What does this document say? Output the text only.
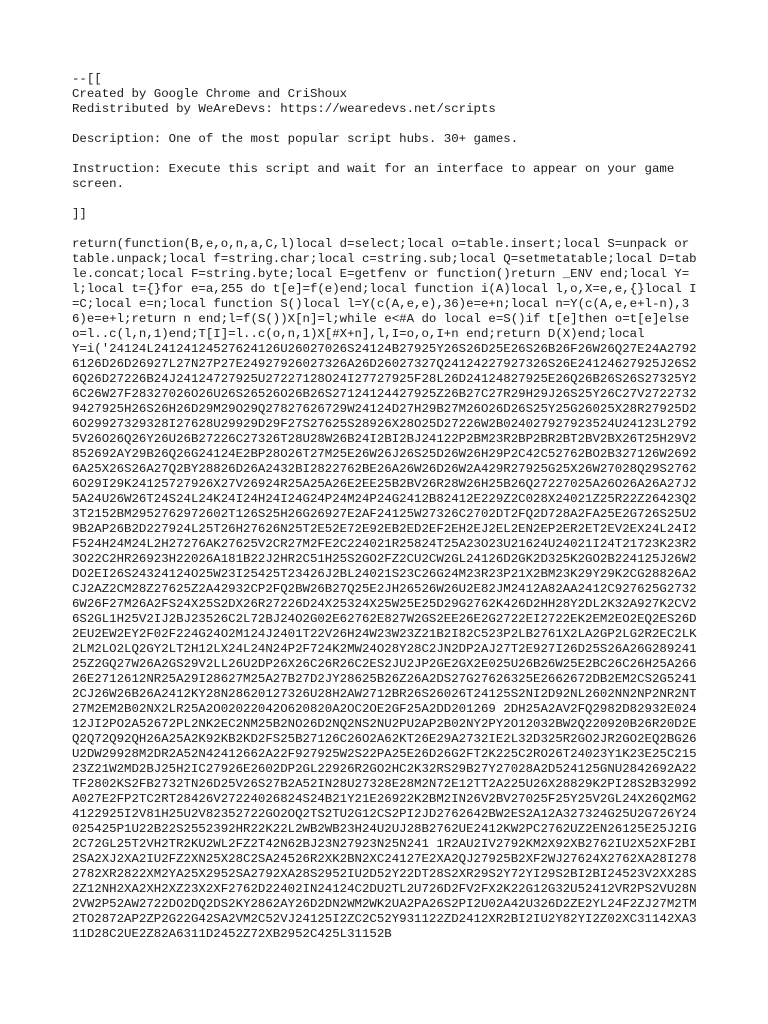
--[[

Created by Google Chrome and CriShoux

Redistributed by WeAreDevs: https://wearedevs.net/scripts

Description: One of the most popular script hubs. 30+ games.

Instruction: Execute this script and wait for an interface to appear on your game screen.

]]

return(function(B,e,o,n,a,C,l)local d=select;local o=table.insert;local S=unpack or table.unpack;local f=string.char;local c=string.sub;local Q=setmetatable;local D=table.concat;local F=string.byte;local E=getfenv or function()return _ENV end;local Y=l;local t={}for e=a,255 do t[e]=f(e)end;local function i(A)local l,o,X=e,e,{}local I=C;local e=n;local function S()local l=Y(c(A,e,e),36)e=e+n;local n=Y(c(A,e,e+l-n),36)e=e+l;return n end;l=f(S())X[n]=l;while e<#A do local e=S()if t[e]then o=t[e]else o=l..c(l,n,1)end;T[I]=l..c(o,n,1)X[#X+n],l,I=o,o,I+n end;return D(X)end;local

Y=i('24124L24124124527624126U26027026S24124B27925Y26S26D25E26S26B26F26W26Q27E24A27926126D26D26927L27N27P27E24927926027326A26D26027327Q24124227927326S26E24124627925J26S26Q26D27226B24J24124727925U27227128O24I27727925F28L26D24124827925E26Q26B26S26S27325Y26C26W27F28327026O26U26S26526O26B26S27124124427925Z26B27C27R29H29J26S25Y26C27V27227329427925H26S26H26D29M29O29Q27827626729W24124D27H29B27M26O26D26S25Y25G26025X28R27925D26O29927329328I27628U29929D29F27S27625S28926X28O25D27226W2B024027927923524U24123L27925V26O26Q26Y26U26B27226C27326T28U28W26B24I2BI2BJ24122P2BM23R2BP2BR2BT2BV2BX26T25H29V2852692AY29B26Q26G24124E2BP28O26T27M25E26W26J26S25D26W26H29P2C42C52762BO2B327126W26926A25X26S26A27Q2BY28826D26A2432BI2822762BE26A26W26D26W2A429R27925G25X26W27028Q29S27626O29I29K24125727926X27V26924R25A25A26E2EE25B2BV26R28W26H25B26Q27227025A26O26A26A27J25A24U26W26T24S24L24K24I24H24I24G24P24M24P24G2412B82412E229Z2C028X24021Z25R22Z26423Q23T2152BM2952762972602T126S25H26G26927E2AF24125W27326C2702DT2FQ2D728A2FA25E2G726S25U29B2AP26B2D227924L25T26H27626N25T2E52E72E92EB2ED2EF2EH2EJ2EL2EN2EP2ER2ET2EV2EX24L24I2F524H24M24L2H27276AK27625V2CR27M2FE2C224021R25824T25A23O23U21624U24021I24T21723K23R23O22C2HR26923H22026A181B22J2HR2C51H25S2GO2FZ2CU2CW2GL24126D2GK2D325K2GO2B224125J26W2DO2EI26S24324124O25W23I25425T23426J2BL24021S23C26G24M23R23P21X2BM23K29Y29K2CG28826A2CJ2AZ2CM28Z27625Z2A42932CP2FQ2BW26B27Q25E2JH26526W26U2E82JM2412A82AA2412C927625G27326W26F27M26A2FS24X25S2DX26R27226D24X25324X25W25E25D29G2762K426D2HH28Y2DL2K32A927K2CV26S2GL1H25V2IJ2BJ23526C2L72BJ24O2G02E62762E827W2GS2EE26E2G2722EI2722EK2EM2EO2EQ2ES26D2EU2EW2EY2F02F224G24O2M124J2401T22V26H24W23W23Z21B2I82C523P2LB2761X2LA2GP2LG2R2EC2LK2LM2LO2LQ2GY2LT2H12LX24L24N24P2F724K2MW24O28Y28C2JN2DP2AJ27T2E927I26D25S26A26G28924125Z2GQ27W26A2GS29V2LL26U2DP26X26C26R26C2ES2JU2JP2GE2GX2E025U26B26W25E2BC26C26H25A26626E2712612NR25A29I28627M25A27B27D2JY28625B26Z26A2DS27G27626325E2662672DB2EM2CS2G52412CJ26W26B26A2412KY28N28620127326U28H2AW2712BR26S26026T24125S2NI2D92NL2602NN2NP2NR2NT27M2EM2B02NX2LR25A2O02022042O620820A2OC2OE2GF25A2DD201269 2DH25A2AV2FQ2982D82932E02412JI2PO2A52672PL2NK2EC2NM25B2NO26D2NQ2NS2NU2PU2AP2B02NY2PY2O12032BW2Q220920B26R20D2EQ2Q72Q92QH26A25A2K92KB2KD2FS25B27126C26O2A62KT26E29A2732IE2L32D325R2GO2JR2GO2EQ2BG26U2DW29928M2DR2A52N42412662A22F927925W2S22PA25E26D26G2FT2K225C2RO26T24023Y1K23E25C21523Z21W2MD2BJ25H2IC27926E2602DP2GL22926R2GO2HC2K32RS29B27Y27028A2D524125GNU2842692A22TF2802KS2FB2732TN26D25V26S27B2A52IN28U27328E28M2N72E12TT2A225U26X28829K2PI28S2B32992A027E2FP2TC2RT28426V27224026824S24B21Y21E26922K2BM2IN26V2BV27025F25Y25V2GL24X26Q2MG24122925I2V81H25U2V82352722GO2OQ2TS2TU2G12CS2PI2JD2762642BW2ES2A12A327324G25U2G726Y24025425P1U22B22S2552392HR22K22L2WB2WB23H24U2UJ28B2762UE2412KW2PC2762UZ2EN26125E25J2IG2C72GL25T2VH2TR2KU2WL2FZ2T42N62BJ23N27923N25N241 1R2AU2IV2792KM2X92XB2762IU2X52XF2BI2SA2XJ2XA2IU2FZ2XN25X28C2SA24526R2XK2BN2XC24127E2XA2QJ27925B2XF2WJ27624X2762XA28I2782782XR2822XM2YA25X2952SA2792XA28S2952IU2D52Y22DT28S2XR29S2Y72YI29S2BI2BI24523V2XX28S2Z12NH2XA2XH2XZ23X2XF2762D22402IN24124C2DU2TL2U726D2FV2FX2K22G12G32U52412VR2PS2VU28N2VW2P52AW2722DO2DQ2DS2KY2862AY26D2DN2WM2WK2UA2PA26S2PI2U02A42U326D2ZE2YL24F2ZJ27M2TM2TO2872AP2ZP2G22G42SA2VM2C52VJ24125I2ZC2C52Y931122ZD2412XR2BI2IU2Y82YI2Z02XC31142XA311D28C2UE2Z82A6311D2452Z72XB2952C425L31152B
